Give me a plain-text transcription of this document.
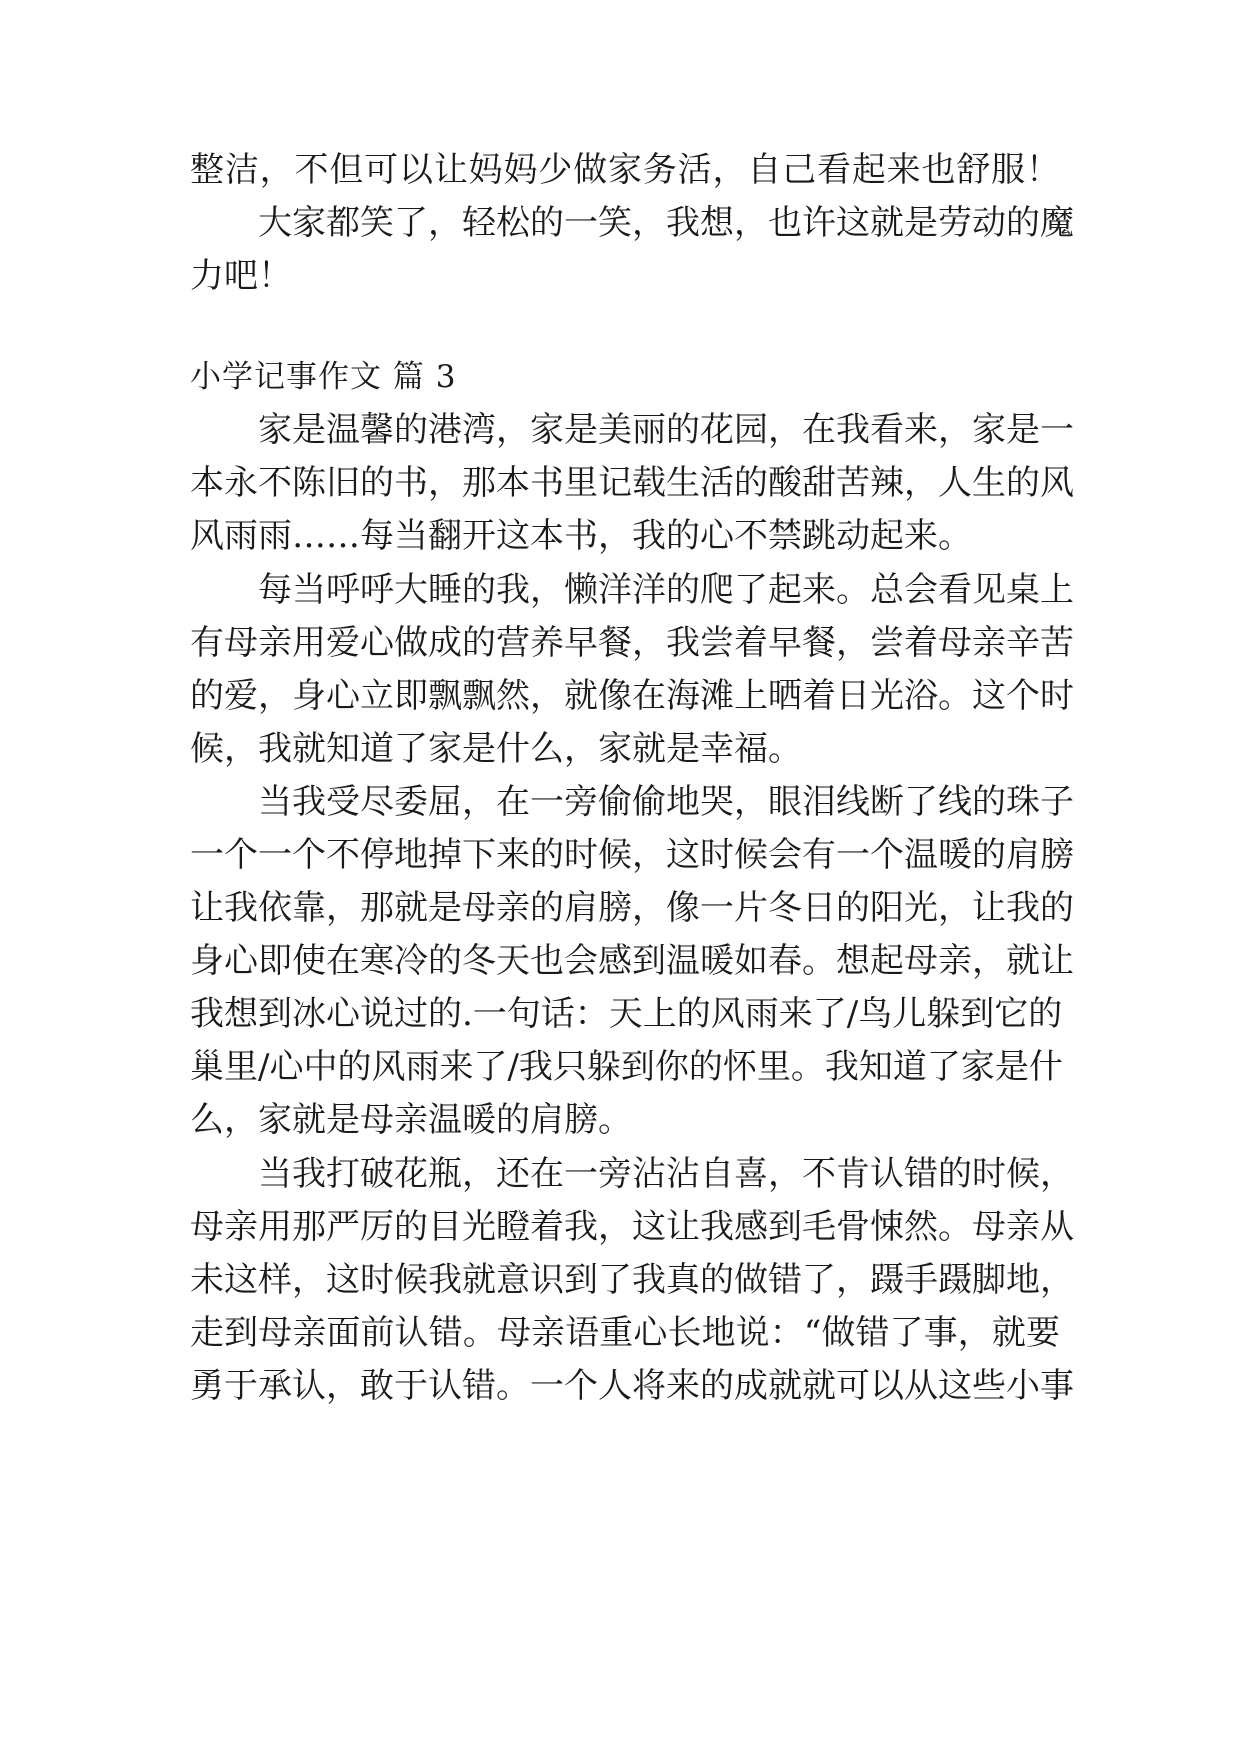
整洁，不但可以让妈妈少做家务活，自己看起来也舒服！
大家都笑了，轻松的一笑，我想，也许这就是劳动的魔
力吧！
小学记事作文 篇 3
家是温馨的港湾，家是美丽的花园，在我看来，家是一
本永不陈旧的书，那本书里记载生活的酸甜苦辣，人生的风
风雨雨……每当翻开这本书，我的心不禁跳动起来。
每当呼呼大睡的我，懒洋洋的爬了起来。总会看见桌上
有母亲用爱心做成的营养早餐，我尝着早餐，尝着母亲辛苦
的爱，身心立即飘飘然，就像在海滩上晒着日光浴。这个时
候，我就知道了家是什么，家就是幸福。
当我受尽委屈，在一旁偷偷地哭，眼泪线断了线的珠子
一个一个不停地掉下来的时候，这时候会有一个温暖的肩膀
让我依靠，那就是母亲的肩膀，像一片冬日的阳光，让我的
身心即使在寒冷的冬天也会感到温暖如春。想起母亲，就让
我想到冰心说过的.一句话：天上的风雨来了/鸟儿躲到它的
巢里/心中的风雨来了/我只躲到你的怀里。我知道了家是什
么，家就是母亲温暖的肩膀。
当我打破花瓶，还在一旁沾沾自喜，不肯认错的时候，
母亲用那严厉的目光瞪着我，这让我感到毛骨悚然。母亲从
未这样，这时候我就意识到了我真的做错了，蹑手蹑脚地，
走到母亲面前认错。母亲语重心长地说：“做错了事，就要
勇于承认，敢于认错。一个人将来的成就就可以从这些小事
